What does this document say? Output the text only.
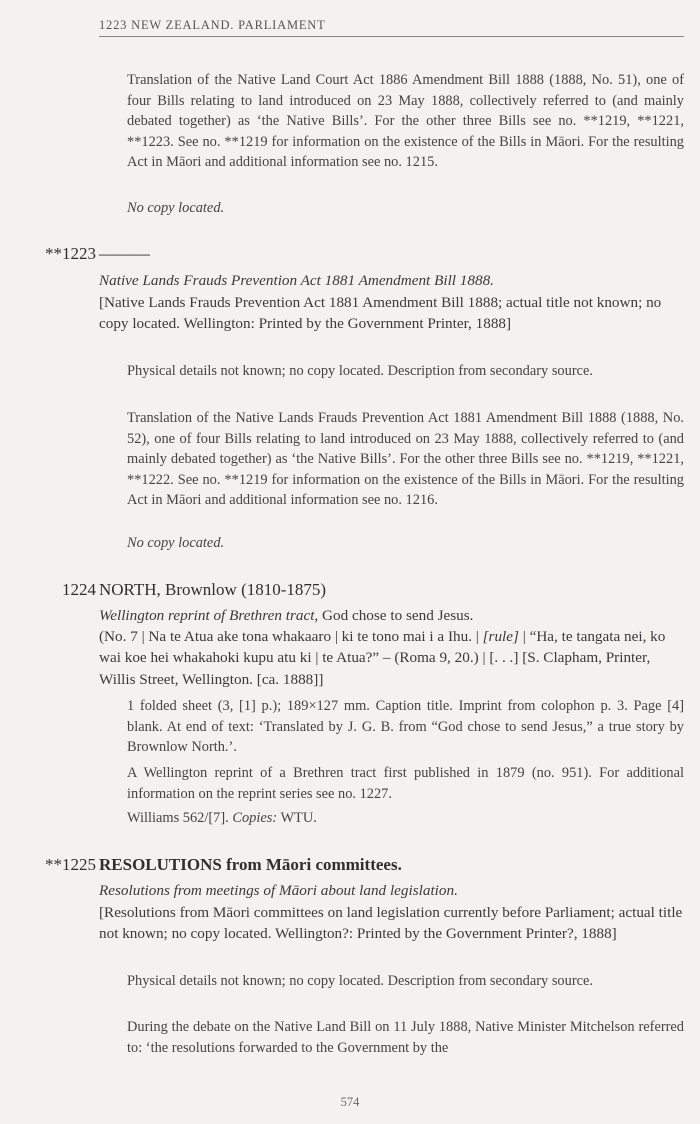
1223 NEW ZEALAND. PARLIAMENT

Translation of the Native Land Court Act 1886 Amendment Bill 1888 (1888, No. 51), one of four Bills relating to land introduced on 23 May 1888, collectively referred to (and mainly debated together) as ‘the Native Bills’. For the other three Bills see no. **1219, **1221, **1223. See no. **1219 for information on the existence of the Bills in Māori. For the resulting Act in Māori and additional information see no. 1215.

No copy located.

**1223 ———

Native Lands Frauds Prevention Act 1881 Amendment Bill 1888.

[Native Lands Frauds Prevention Act 1881 Amendment Bill 1888; actual title not known; no copy located. Wellington: Printed by the Government Printer, 1888]

Physical details not known; no copy located. Description from secondary source.

Translation of the Native Lands Frauds Prevention Act 1881 Amendment Bill 1888 (1888, No. 52), one of four Bills relating to land introduced on 23 May 1888, collectively referred to (and mainly debated together) as ‘the Native Bills’. For the other three Bills see no. **1219, **1221, **1222. See no. **1219 for information on the existence of the Bills in Māori. For the resulting Act in Māori and additional information see no. 1216.

No copy located.

1224 NORTH, Brownlow (1810-1875)

Wellington reprint of Brethren tract, God chose to send Jesus.

(No. 7 | Na te Atua ake tona whakaaro | ki te tono mai i a Ihu. | [rule] | “Ha, te tangata nei, ko wai koe hei whakahoki kupu atu ki | te Atua?” – (Roma 9, 20.) | [. . .] [S. Clapham, Printer, Willis Street, Wellington. [ca. 1888]]

1 folded sheet (3, [1] p.); 189×127 mm. Caption title. Imprint from colophon p. 3. Page [4] blank. At end of text: ‘Translated by J. G. B. from “God chose to send Jesus,” a true story by Brownlow North.’.

A Wellington reprint of a Brethren tract first published in 1879 (no. 951). For additional information on the reprint series see no. 1227.

Williams 562/[7]. Copies: WTU.

**1225 RESOLUTIONS from Māori committees.

Resolutions from meetings of Māori about land legislation.

[Resolutions from Māori committees on land legislation currently before Parliament; actual title not known; no copy located. Wellington?: Printed by the Government Printer?, 1888]

Physical details not known; no copy located. Description from secondary source.

During the debate on the Native Land Bill on 11 July 1888, Native Minister Mitchelson referred to: ‘the resolutions forwarded to the Government by the

574
